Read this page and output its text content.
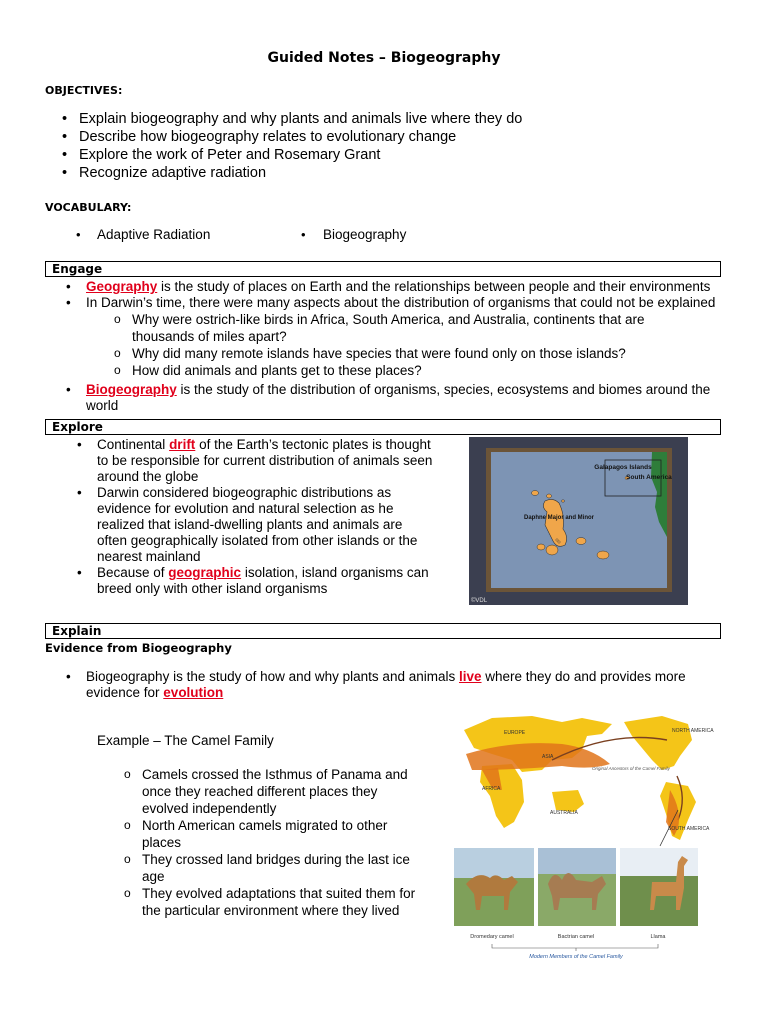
Guided Notes – Biogeography
OBJECTIVES:
• Explain biogeography and why plants and animals live where they do
• Describe how biogeography relates to evolutionary change
• Explore the work of Peter and Rosemary Grant
• Recognize adaptive radiation
VOCABULARY:
• Adaptive Radiation	• Biogeography
Engage
• Geography is the study of places on Earth and the relationships between people and their environments
• In Darwin’s time, there were many aspects about the distribution of organisms that could not be explained
o Why were ostrich-like birds in Africa, South America, and Australia, continents that are thousands of miles apart?
o Why did many remote islands have species that were found only on those islands?
o How did animals and plants get to these places?
• Biogeography is the study of the distribution of organisms, species, ecosystems and biomes around the world
Explore
• Continental drift of the Earth’s tectonic plates is thought to be responsible for current distribution of animals seen around the globe
• Darwin considered biogeographic distributions as evidence for evolution and natural selection as he realized that island-dwelling plants and animals are often geographically isolated from other islands or the nearest mainland
• Because of geographic isolation, island organisms can breed only with other island organisms
Galapagos Islands
South America
Daphne Major and Minor
©VDL
Explain
Evidence from Biogeography
• Biogeography is the study of how and why plants and animals live where they do and provides more evidence for evolution
Example – The Camel Family
o Camels crossed the Isthmus of Panama and once they reached different places they evolved independently
o North American camels migrated to other places
o They crossed land bridges during the last ice age
o They evolved adaptations that suited them for the particular environment where they lived
EUROPE
ASIA
AFRICA
AUSTRALIA
NORTH AMERICA
SOUTH AMERICA
Original Ancestors of the Camel Family
Dromedary camel	Bactrian camel	Llama
Modern Members of the Camel Family
